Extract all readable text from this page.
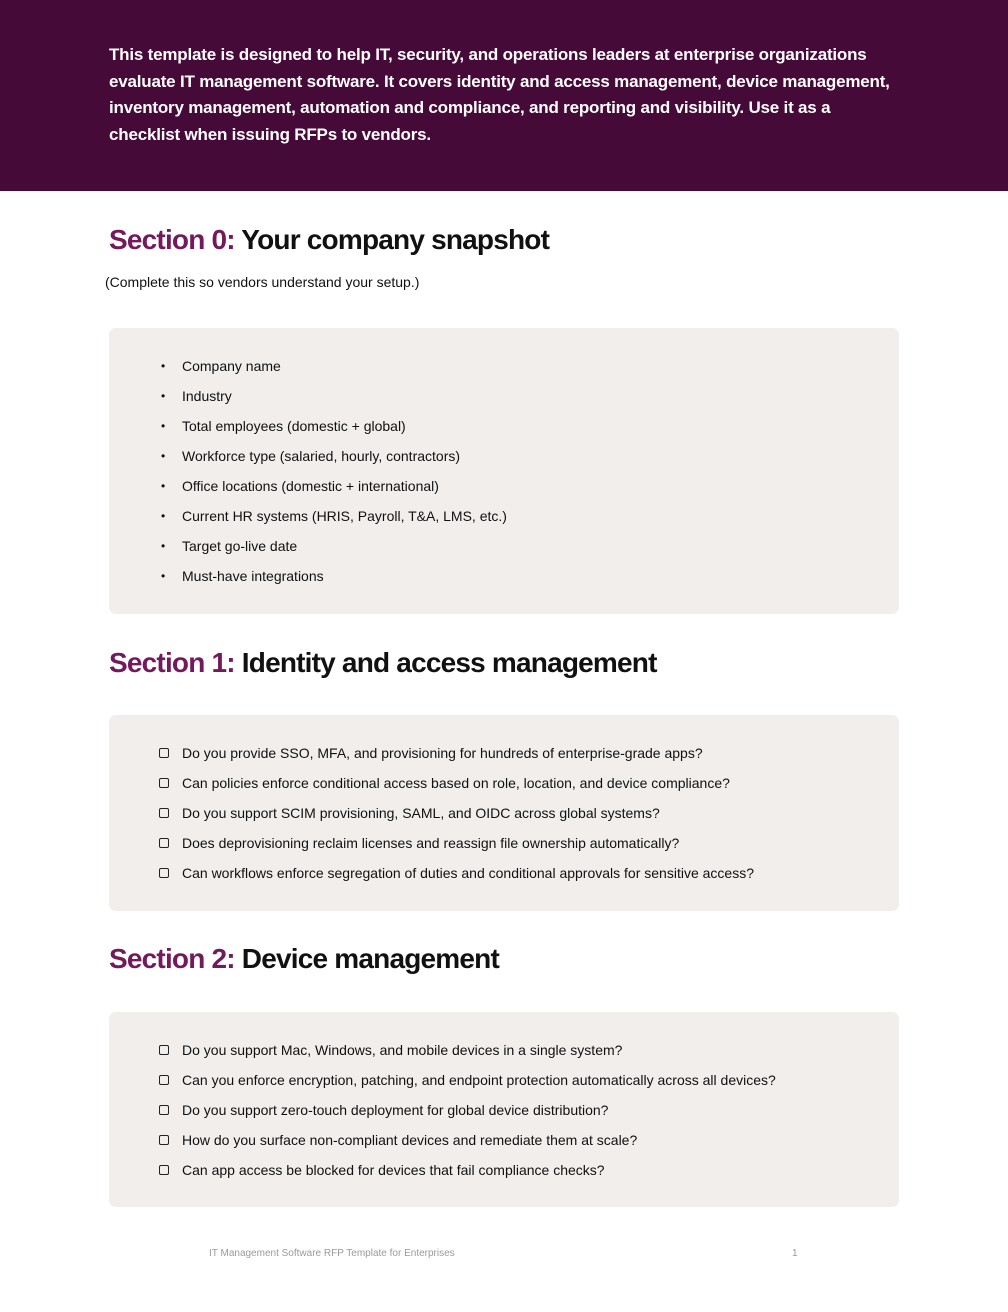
This template is designed to help IT, security, and operations leaders at enterprise organizations evaluate IT management software. It covers identity and access management, device management, inventory management, automation and compliance, and reporting and visibility. Use it as a checklist when issuing RFPs to vendors.

Section 0: Your company snapshot
(Complete this so vendors understand your setup.)
• Company name
• Industry
• Total employees (domestic + global)
• Workforce type (salaried, hourly, contractors)
• Office locations (domestic + international)
• Current HR systems (HRIS, Payroll, T&A, LMS, etc.)
• Target go-live date
• Must-have integrations
Section 1: Identity and access management
Do you provide SSO, MFA, and provisioning for hundreds of enterprise-grade apps?
Can policies enforce conditional access based on role, location, and device compliance?
Do you support SCIM provisioning, SAML, and OIDC across global systems?
Does deprovisioning reclaim licenses and reassign file ownership automatically?
Can workflows enforce segregation of duties and conditional approvals for sensitive access?
Section 2: Device management
Do you support Mac, Windows, and mobile devices in a single system?
Can you enforce encryption, patching, and endpoint protection automatically across all devices?
Do you support zero-touch deployment for global device distribution?
How do you surface non-compliant devices and remediate them at scale?
Can app access be blocked for devices that fail compliance checks?
IT Management Software RFP Template for Enterprises	1
